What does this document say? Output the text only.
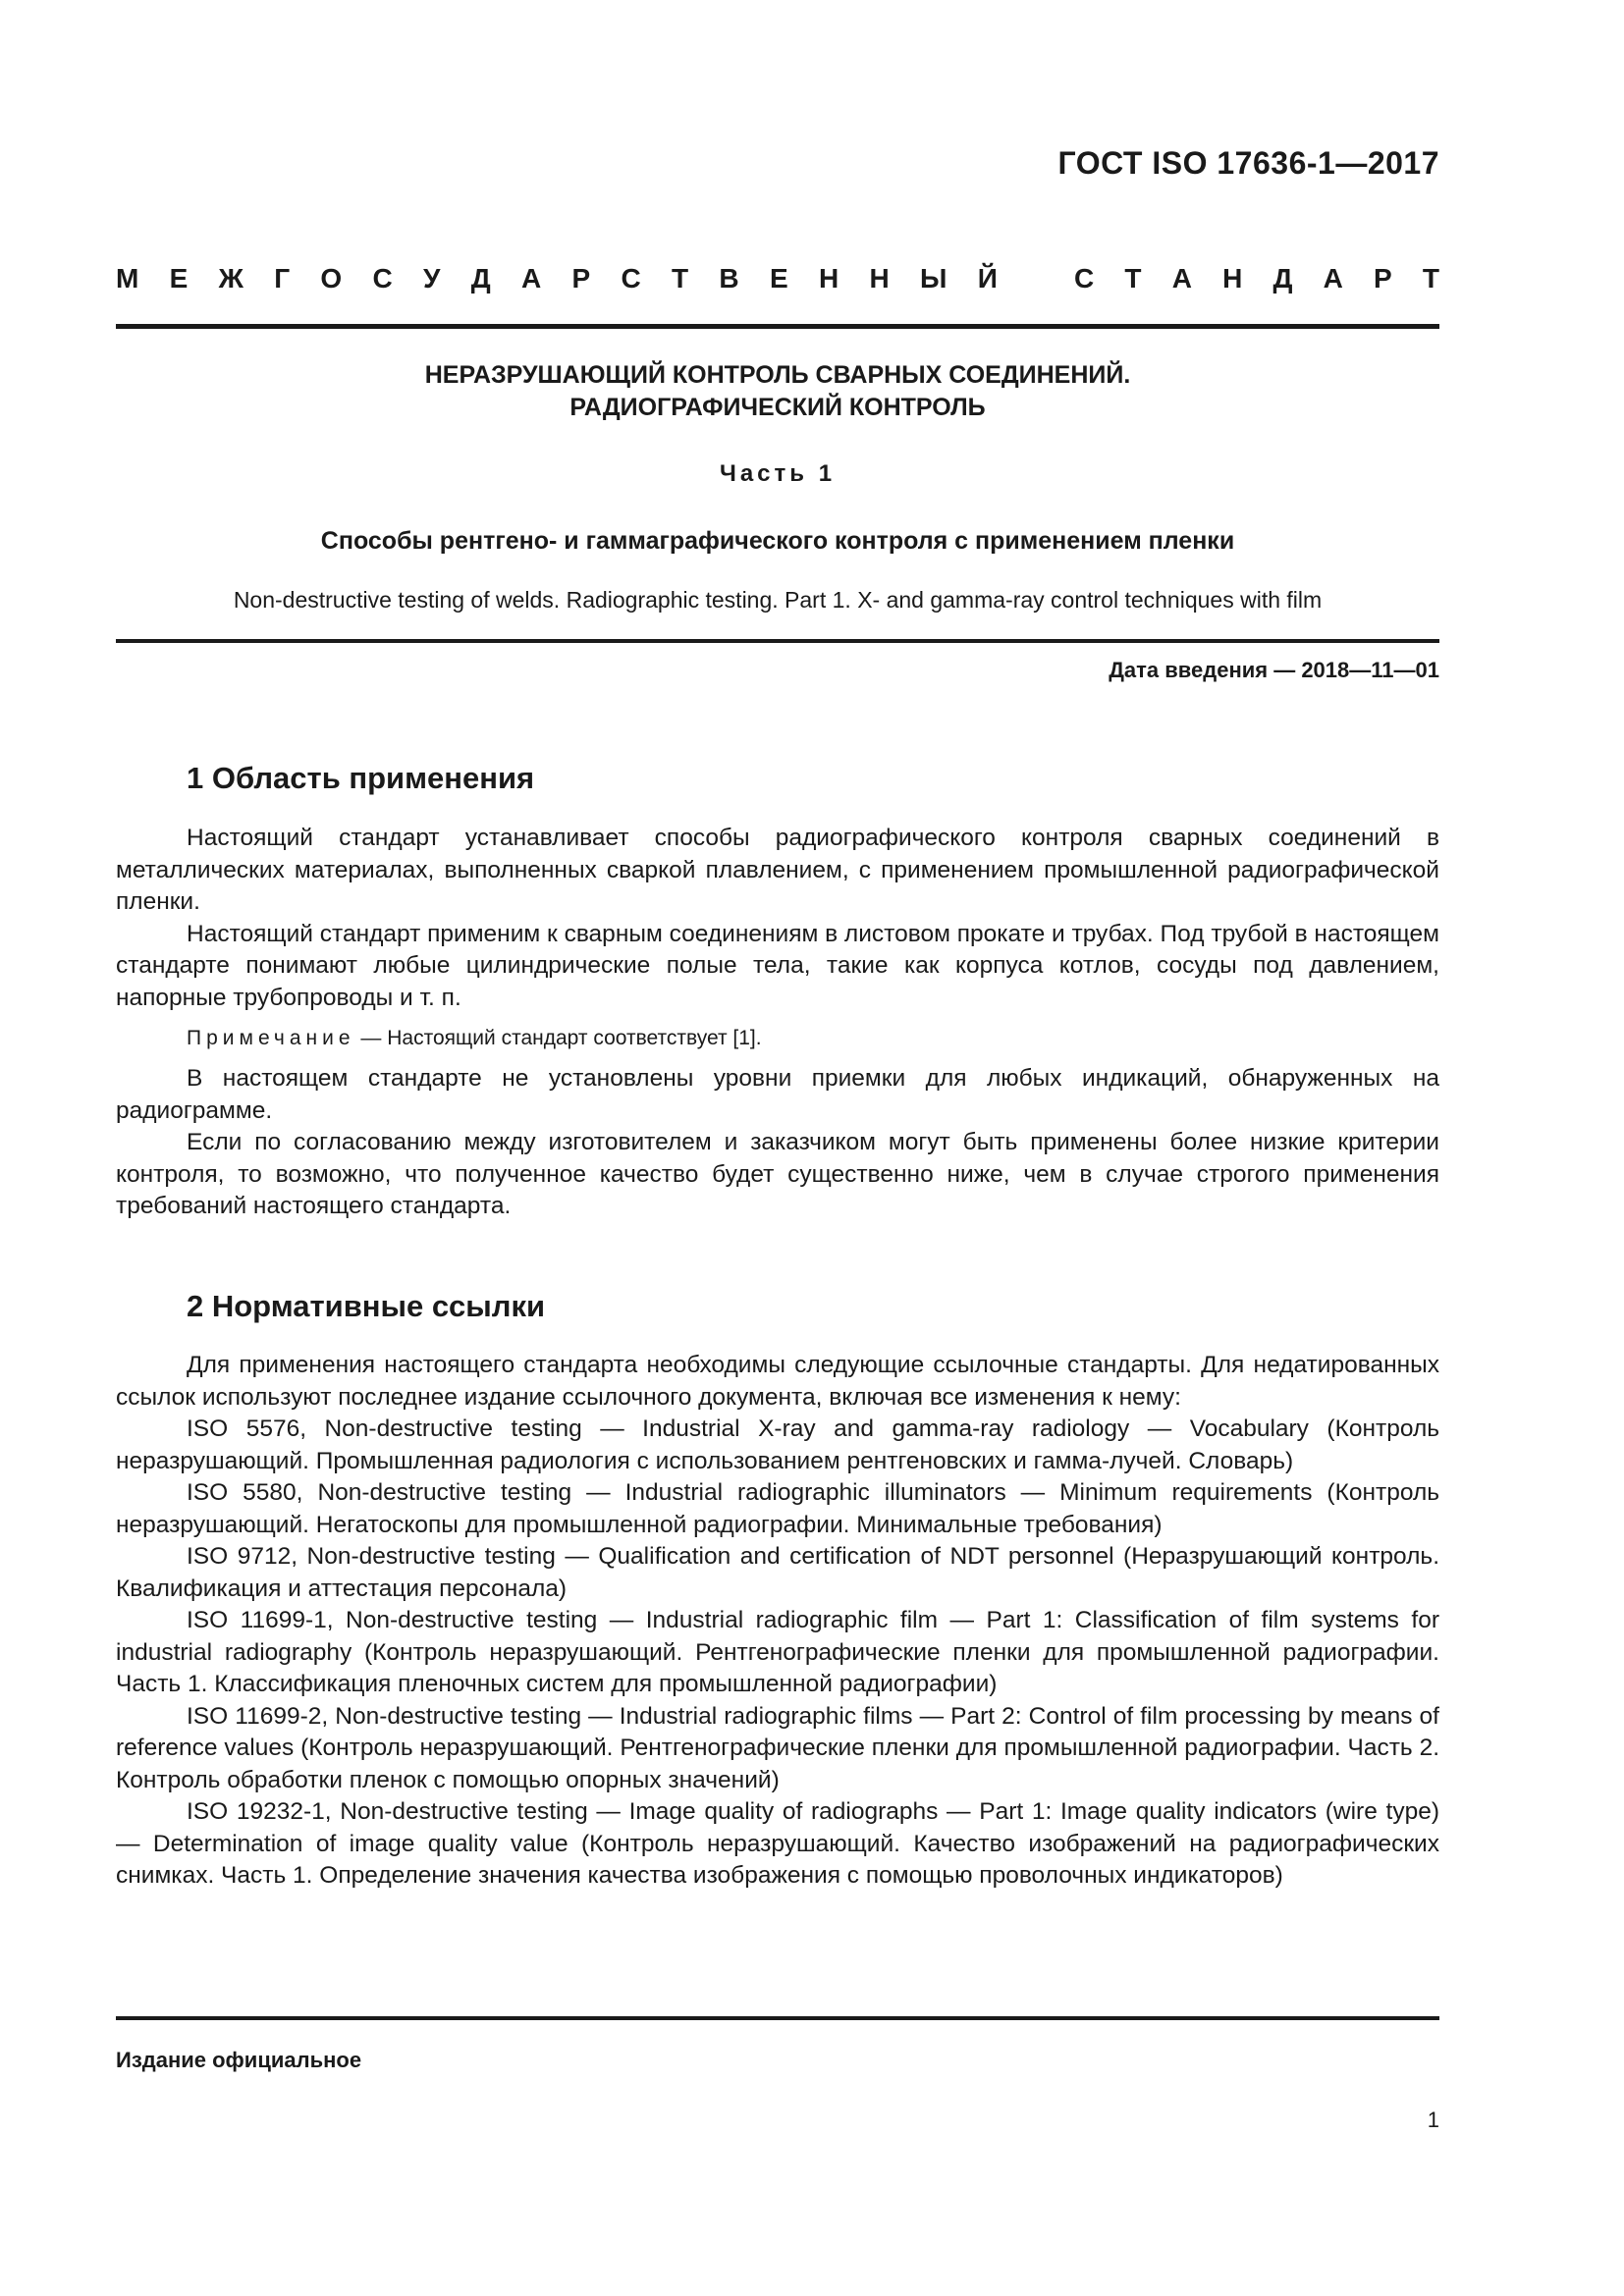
ГОСТ ISO 17636-1—2017
М Е Ж Г О С У Д А Р С Т В Е Н Н Ы Й	С Т А Н Д А Р Т
НЕРАЗРУШАЮЩИЙ КОНТРОЛЬ СВАРНЫХ СОЕДИНЕНИЙ.
РАДИОГРАФИЧЕСКИЙ КОНТРОЛЬ
Часть 1
Способы рентгено- и гаммаграфического контроля с применением пленки
Non-destructive testing of welds. Radiographic testing. Part 1. X- and gamma-ray control techniques with film
Дата введения — 2018—11—01
1 Область применения

Настоящий стандарт устанавливает способы радиографического контроля сварных соединений в металлических материалах, выполненных сваркой плавлением, с применением промышленной радиографической пленки.

Настоящий стандарт применим к сварным соединениям в листовом прокате и трубах. Под трубой в настоящем стандарте понимают любые цилиндрические полые тела, такие как корпуса котлов, сосуды под давлением, напорные трубопроводы и т. п.

Примечание — Настоящий стандарт соответствует [1].

В настоящем стандарте не установлены уровни приемки для любых индикаций, обнаруженных на радиограмме.

Если по согласованию между изготовителем и заказчиком могут быть применены более низкие критерии контроля, то возможно, что полученное качество будет существенно ниже, чем в случае строгого применения требований настоящего стандарта.

2 Нормативные ссылки

Для применения настоящего стандарта необходимы следующие ссылочные стандарты. Для недатированных ссылок используют последнее издание ссылочного документа, включая все изменения к нему:

ISO 5576, Non-destructive testing — Industrial X-ray and gamma-ray radiology — Vocabulary (Контроль неразрушающий. Промышленная радиология с использованием рентгеновских и гамма-лучей. Словарь)

ISO 5580, Non-destructive testing — Industrial radiographic illuminators — Minimum requirements (Контроль неразрушающий. Негатоскопы для промышленной радиографии. Минимальные требования)

ISO 9712, Non-destructive testing — Qualification and certification of NDT personnel (Неразрушающий контроль. Квалификация и аттестация персонала)

ISO 11699-1, Non-destructive testing — Industrial radiographic film — Part 1: Classification of film systems for industrial radiography (Контроль неразрушающий. Рентгенографические пленки для промышленной радиографии. Часть 1. Классификация пленочных систем для промышленной радиографии)

ISO 11699-2, Non-destructive testing — Industrial radiographic films — Part 2: Control of film processing by means of reference values (Контроль неразрушающий. Рентгенографические пленки для промышленной радиографии. Часть 2. Контроль обработки пленок с помощью опорных значений)

ISO 19232-1, Non-destructive testing — Image quality of radiographs — Part 1: Image quality indicators (wire type) — Determination of image quality value (Контроль неразрушающий. Качество изображений на радиографических снимках. Часть 1. Определение значения качества изображения с помощью проволочных индикаторов)

Издание официальное
1
